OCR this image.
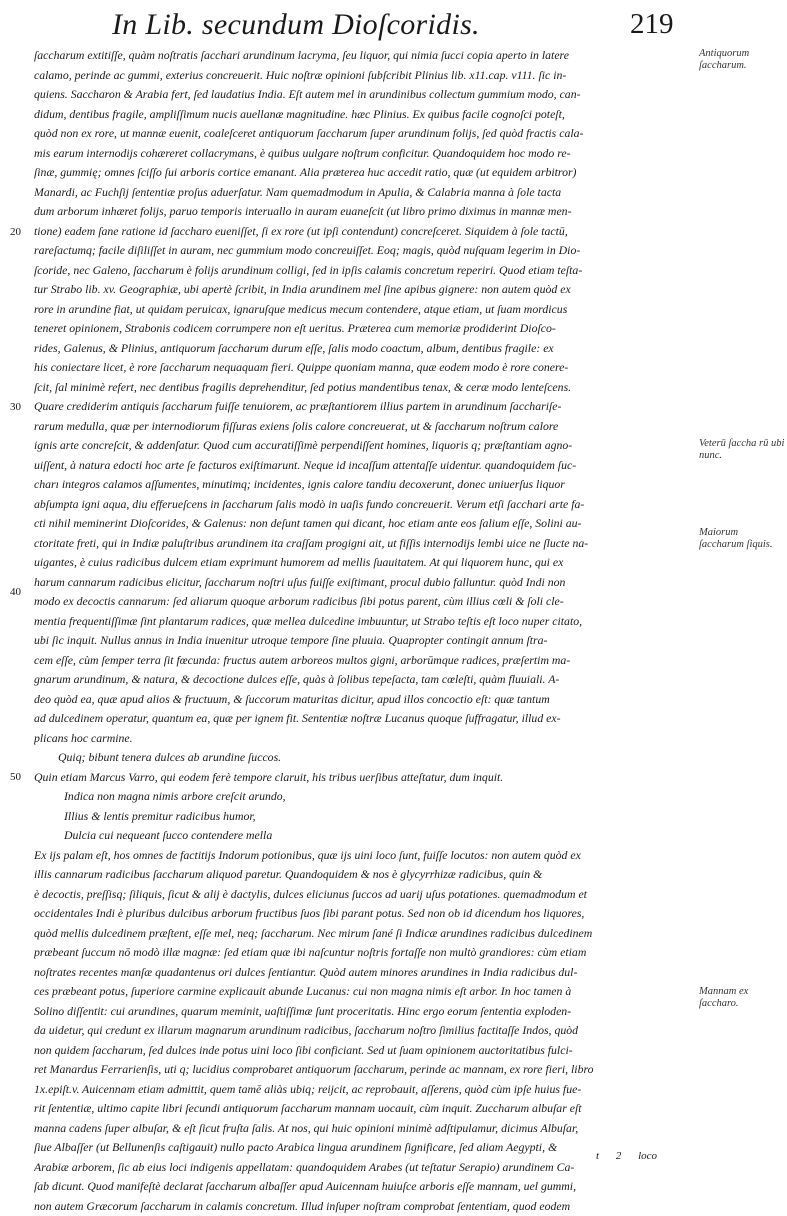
In Lib. secundum Dioſcoridis.	219
20
30
40
50
ſaccharum extitiſſe, quàm noſtratis ſacchari arundinum lacryma, ſeu liquor, qui nimia ſucci copia aperto in latere
calamo, perinde ac gummi, exterius concreuerit. Huic noſtræ opinioni ſubſcribit Plinius lib. x11.cap. v111. ſic in-
quiens. Saccharon & Arabia fert, ſed laudatius India. Eſt autem mel in arundinibus collectum gummium modo, can-
didum, dentibus fragile, ampliſſimum nucis auellanæ magnitudine. hæc Plinius. Ex quibus facile cognoſci poteſt,
quòd non ex rore, ut mannæ euenit, coaleſceret antiquorum ſaccharum ſuper arundinum folijs, ſed quòd fractis cala-
mis earum internodijs cohæreret collacrymans, è quibus uulgare noſtrum conficitur. Quandoquidem hoc modo re-
ſinæ, gummię; omnes ſciſſo ſui arboris cortice emanant. Alia præterea huc accedit ratio, quæ (ut equidem arbitror)
Manardi, ac Fuchſij ſententiæ proſus aduerſatur. Nam quemadmodum in Apulia, & Calabria manna à ſole tacta
dum arborum inhæret folijs, paruo temporis interuallo in auram euaneſcit (ut libro primo diximus in mannæ men-
tione) eadem ſane ratione id ſaccharo eueniſſet, ſi ex rore (ut ipſi contendunt) concreſceret. Siquidem à ſole tactū,
rareſactumq; facile diſiliſſet in auram, nec gummium modo concreuiſſet. Eoq; magis, quòd nuſquam legerim in Dio-
ſcoride, nec Galeno, ſaccharum è folijs arundinum colligi, ſed in ipſis calamis concretum reperiri. Quod etiam teſta-
tur Strabo lib. xv. Geographiæ, ubi apertè ſcribit, in India arundinem mel ſine apibus gignere: non autem quòd ex
rore in arundine fiat, ut quidam peruicax, ignaruſque medicus mecum contendere, atque etiam, ut ſuam mordicus
teneret opinionem, Strabonis codicem corrumpere non eſt ueritus. Præterea cum memoriæ prodiderint Dioſco-
rides, Galenus, & Plinius, antiquorum ſaccharum durum eſſe, ſalis modo coactum, album, dentibus fragile: ex
his coniectare licet, è rore ſaccharum nequaquam fieri. Quippe quoniam manna, quæ eodem modo è rore conere-
ſcit, ſal minimè refert, nec dentibus fragilis deprehenditur, ſed potius mandentibus tenax, & ceræ modo lenteſcens.
Quare crediderim antiquis ſaccharum fuiſſe tenuiorem, ac præſtantiorem illius partem in arundinum ſacchariſe-
rarum medulla, quæ per internodiorum fiſſuras exiens ſolis calore concreuerat, ut & ſaccharum noſtrum calore
ignis arte concreſcit, & addenſatur. Quod cum accuratiſſimè perpendiſſent homines, liquoris q; præſtantiam agno-
uiſſent, à natura edocti hoc arte ſe facturos exiſtimarunt. Neque id incaſſum attentaſſe uidentur. quandoquidem ſuc-
charı integros calamos aſſumentes, minutimq; incidentes, ignis calore tandiu decoxerunt, donec uniuerſus liquor
abſumpta igni aqua, diu efferueſcens in ſaccharum ſalis modò in uaſis fundo concreuerit. Verum etſi ſacchari arte fa-
cti nihil meminerint Dioſcorides, & Galenus: non deſunt tamen qui dicant, hoc etiam ante eos ſalium eſſe, Solini au-
ctoritate freti, qui in Indiæ paluſtribus arundinem ita craſſam progigni ait, ut fiſſis internodijs lembi uice ne ſlucte na-
uigantes, è cuius radicibus dulcem etiam exprimunt humorem ad mellis ſuauitatem. At qui liquorem hunc, qui ex
harum cannarum radicibus elicitur, ſaccharum noſtri uſus fuiſſe exiſtimant, procul dubio falluntur. quòd Indi non
modo ex decoctis cannarum: ſed aliarum quoque arborum radicibus ſibi potus parent, cùm illius cœli & ſoli cle-
mentia frequentiſſimæ ſint plantarum radices, quæ mellea dulcedine imbuuntur, ut Strabo teſtis eſt loco nuper citato,
ubi ſic inquit. Nullus annus in India inuenitur utroque tempore ſine pluuia. Quapropter contingit annum ſtra-
cem eſſe, cùm ſemper terra ſit fœcunda: fructus autem arboreos multos gigni, arborūmque radices, præſertim ma-
gnarum arundinum, & natura, & decoctione dulces eſſe, quàs à ſolibus tepeſacta, tam cœleſti, quàm fluuiali. A-
deo quòd ea, quæ apud alios & fructuum, & ſuccorum maturitas dicitur, apud illos concoctio eſt: quæ tantum
ad dulcedinem operatur, quantum ea, quæ per ignem fit. Sententiæ noſtræ Lucanus quoque ſuffragatur, illud ex-
plicans hoc carmine.
Quiq; bibunt tenera dulces ab arundine ſuccos.
Quin etiam Marcus Varro, qui eodem ferè tempore claruit, his tribus uerſibus atteſtatur, dum inquit.
Indica non magna nimis arbore creſcit arundo,
Illius & lentis premitur radicibus humor,
Dulcia cui nequeant ſucco contendere mella
Ex ijs palam eſt, hos omnes de factitijs Indorum potionibus, quæ ijs uini loco ſunt, fuiſſe locutos: non autem quòd ex
illis cannarum radicibus ſaccharum aliquod paretur. Quandoquidem & nos è glycyrrhizæ radicibus, quin &
è decoctis, preſſisq; ſiliquis, ſicut & alij è dactylis, dulces eliciunus ſuccos ad uarij uſus potationes. quemadmodum et
occidentales Indi è pluribus dulcibus arborum fructibus ſuos ſibi parant potus. Sed non ob id dicendum hos liquores,
quòd mellis dulcedinem præſtent, eſſe mel, neq; ſaccharum. Nec mirum ſané ſi Indicæ arundines radicibus dulcedinem
præbeant ſuccum nō modò illæ magnæ: ſed etiam quæ ibi naſcuntur noſtris fortaſſe non multò grandiores: cùm etiam
noſtrates recentes manſæ quadantenus ori dulces ſentiantur. Quòd autem minores arundines in India radicibus dul-
ces præbeant potus, ſuperiore carmine explicauit abunde Lucanus: cui non magna nimis eſt arbor. In hoc tamen à
Solino diſſentit: cui arundines, quarum meminit, uaſtiſſimæ ſunt proceritatis. Hinc ergo eorum ſententia exploden-
da uidetur, qui credunt ex illarum magnarum arundinum radicibus, ſaccharum noſtro ſimilius factitaſſe Indos, quòd
non quidem ſaccharum, ſed dulces inde potus uini loco ſibi conficiant. Sed ut ſuam opinionem auctoritatibus fulci-
ret Manardus Ferrarienſis, uti q; lucidius comprobaret antiquorum ſaccharum, perinde ac mannam, ex rore fieri, libro
1x.epiſt.v. Auicennam etiam admittit, quem tamē aliàs ubiq; reijcit, ac reprobauit, aſſerens, quòd cùm ipſe huius fue-
rit ſententiæ, ultimo capite libri ſecundi antiquorum ſaccharum mannam uocauit, cùm inquit. Zuccharum albuſar eſt
manna cadens ſuper albuſar, & eſt ſicut fruſta ſalis. At nos, qui huic opinioni minimè adſtipulamur, dicimus Albuſar,
ſiue Albaſſer (ut Bellunenſis caſtigauit) nullo pacto Arabica lingua arundinem ſignificare, ſed aliam Aegypti, &
Arabiæ arborem, ſic ab eius loci indigenis appellatam: quandoquidem Arabes (ut teſtatur Serapio) arundinem Ca-
ſab dicunt. Quod manifeſtè declarat ſaccharum albaſſer apud Auicennam huiuſce arboris eſſe mannam, uel gummi,
non autem Græcorum ſaccharum in calamis concretum. Illud inſuper noſtram comprobat ſententiam, quod eodem
Antiquorum ſaccharum.
Veterū ſaccha rū ubi nunc.
Maiorum ſaccharum ſiquis.
Mannam ex ſaccharo.
t 2 loco
